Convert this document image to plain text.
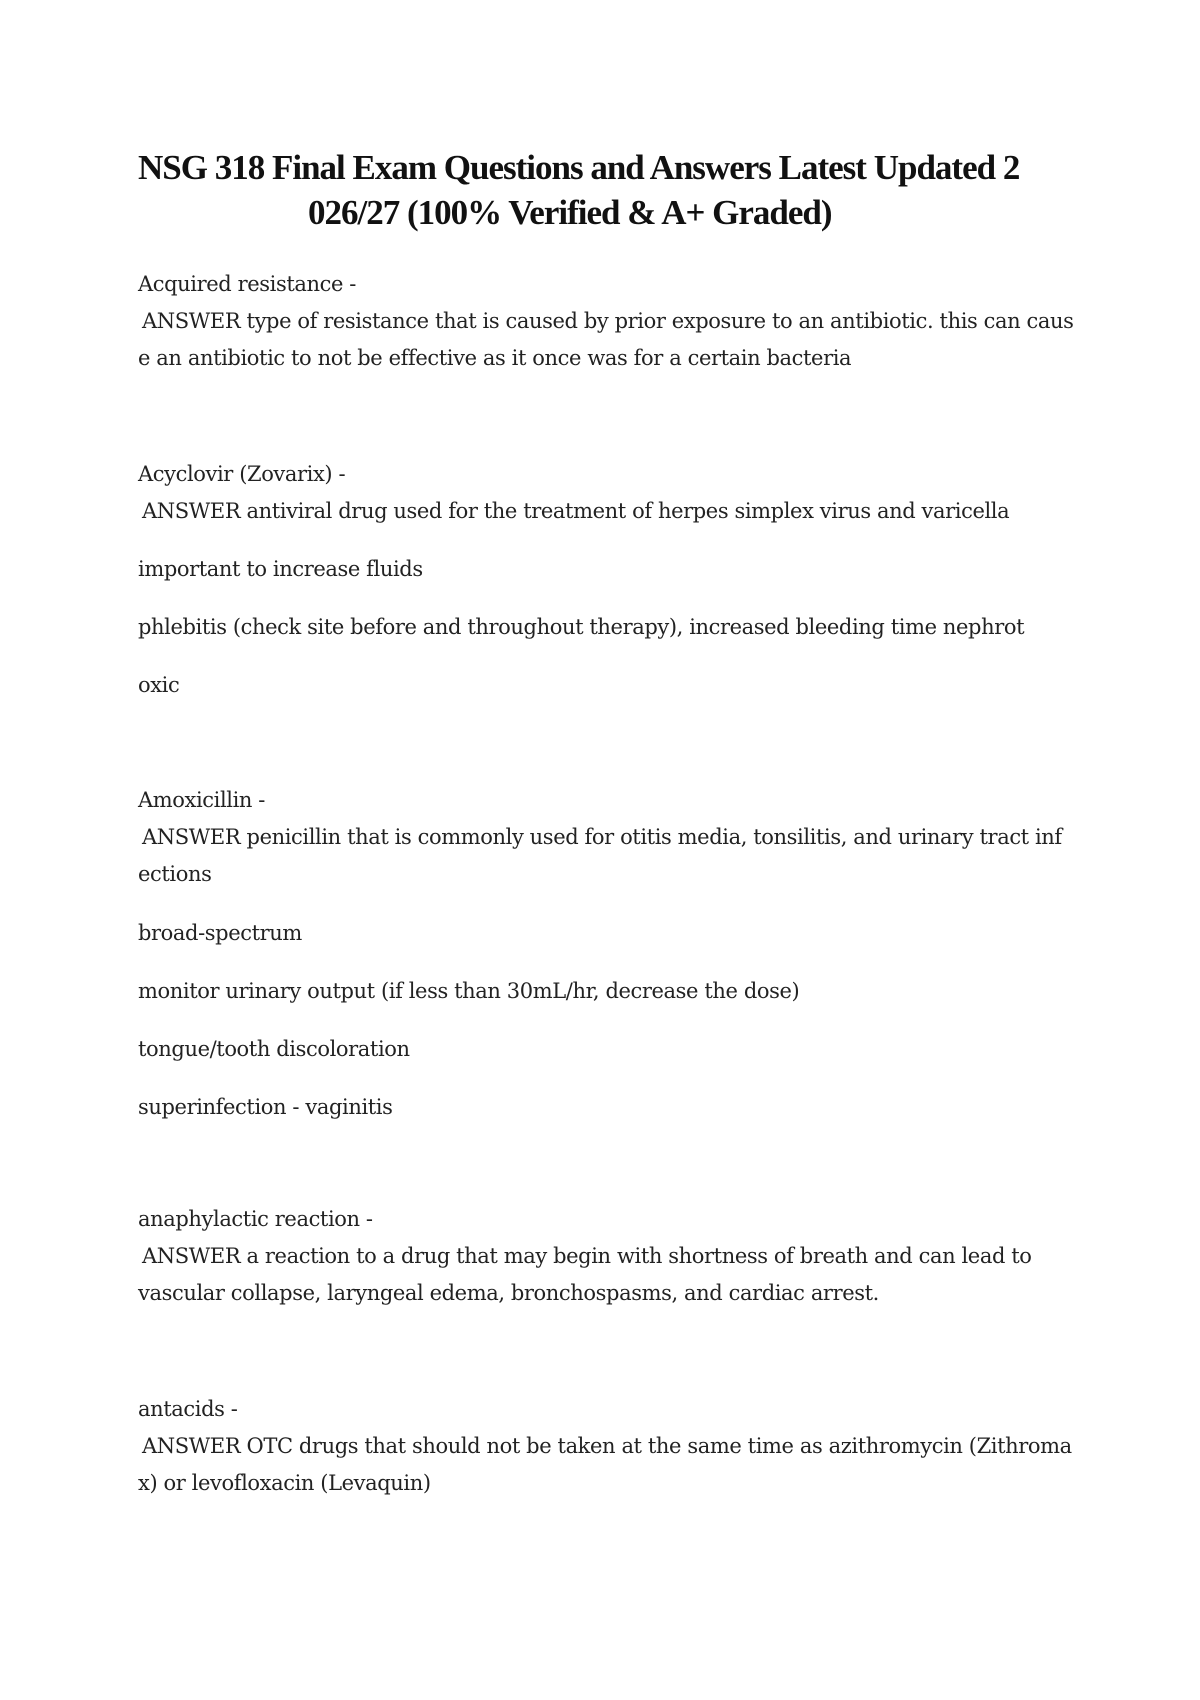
NSG 318 Final Exam Questions and Answers Latest Updated 2
026/27 (100% Verified & A+ Graded)

Acquired resistance -

ANSWER type of resistance that is caused by prior exposure to an antibiotic. this can caus

e an antibiotic to not be effective as it once was for a certain bacteria

Acyclovir (Zovarix) -

ANSWER antiviral drug used for the treatment of herpes simplex virus and varicella

important to increase fluids

phlebitis (check site before and throughout therapy), increased bleeding time nephrot

oxic

Amoxicillin -

ANSWER penicillin that is commonly used for otitis media, tonsilitis, and urinary tract inf

ections

broad-spectrum

monitor urinary output (if less than 30mL/hr, decrease the dose)

tongue/tooth discoloration

superinfection - vaginitis

anaphylactic reaction -

ANSWER a reaction to a drug that may begin with shortness of breath and can lead to

vascular collapse, laryngeal edema, bronchospasms, and cardiac arrest.

antacids -

ANSWER OTC drugs that should not be taken at the same time as azithromycin (Zithroma

x) or levofloxacin (Levaquin)
